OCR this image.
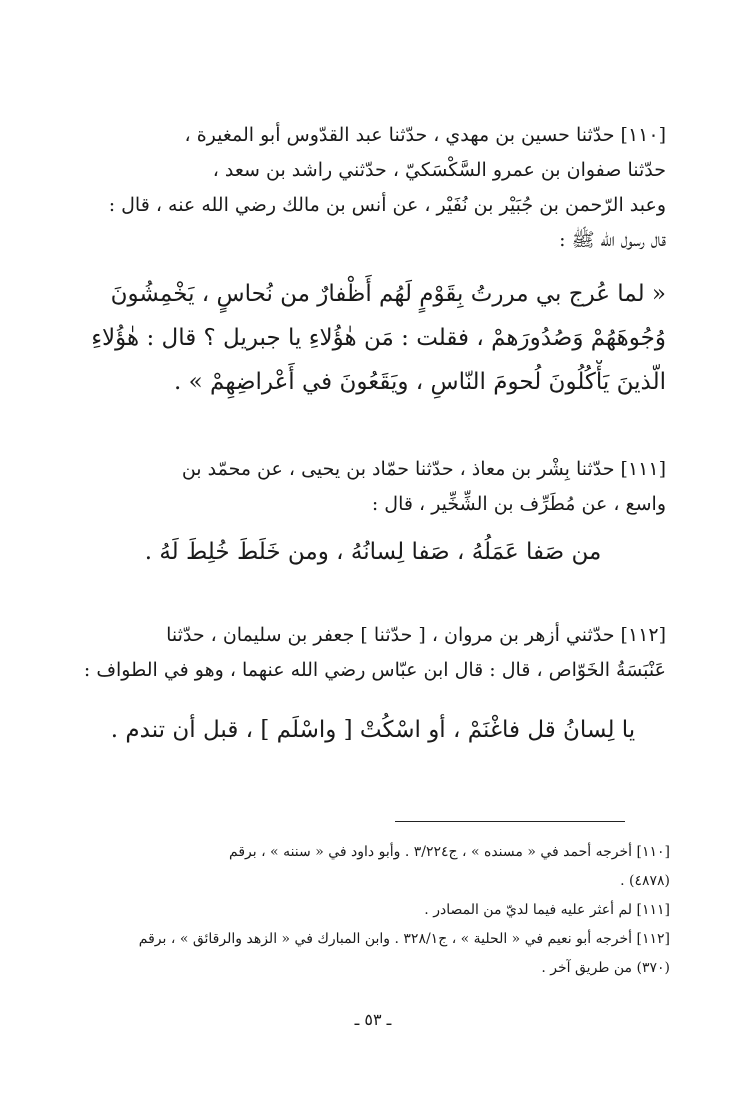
[١١٠] حدّثنا حسين بن مهدي ، حدّثنا عبد القدّوس أبو المغيرة ،
حدّثنا صفوان بن عمرو السَّكْسَكيّ ، حدّثني راشد بن سعد ،
وعبد الرّحمن بن جُبَيْر بن نُفَيْر ، عن أنس بن مالك رضي الله عنه ، قال :
قال رسول الله ﷺ :
« لما عُرج بي مررتُ بِقَوْمٍ لَهُم أَظْفارٌ من نُحاسٍ ، يَخْمِشُونَ
وُجُوهَهُمْ وَصُدُورَهمْ ، فقلت : مَن هٰؤُلاءِ يا جبريل ؟ قال : هٰؤُلاءِ
الّذينَ يَأْكُلُونَ لُحومَ النّاسِ ، ويَقَعُونَ في أَعْراضِهِمْ » .
[١١١] حدّثنا بِشْر بن معاذ ، حدّثنا حمّاد بن يحيى ، عن محمّد بن
واسع ، عن مُطَرِّف بن الشِّخِّير ، قال :
من صَفا عَمَلُهُ ، صَفا لِسانُهُ ، ومن خَلَطَ خُلِطَ لَهُ .
[١١٢] حدّثني أزهر بن مروان ، [ حدّثنا ] جعفر بن سليمان ، حدّثنا
عَنْبَسَةُ الخَوّاص ، قال : قال ابن عبّاس رضي الله عنهما ، وهو في الطواف :
يا لِسانُ قل فاغْنَمْ ، أو اسْكُتْ [ واسْلَم ] ، قبل أن تندم .
[١١٠] أخرجه أحمد في « مسنده » ، ج٣/٢٢٤ . وأبو داود في « سننه » ، برقم
(٤٨٧٨) .
[١١١] لم أعثر عليه فيما لديّ من المصادر .
[١١٢] أخرجه أبو نعيم في « الحلية » ، ج٣٢٨/١ . وابن المبارك في « الزهد والرقائق » ، برقم
(٣٧٠) من طريق آخر .
ـ ٥٣ ـ
